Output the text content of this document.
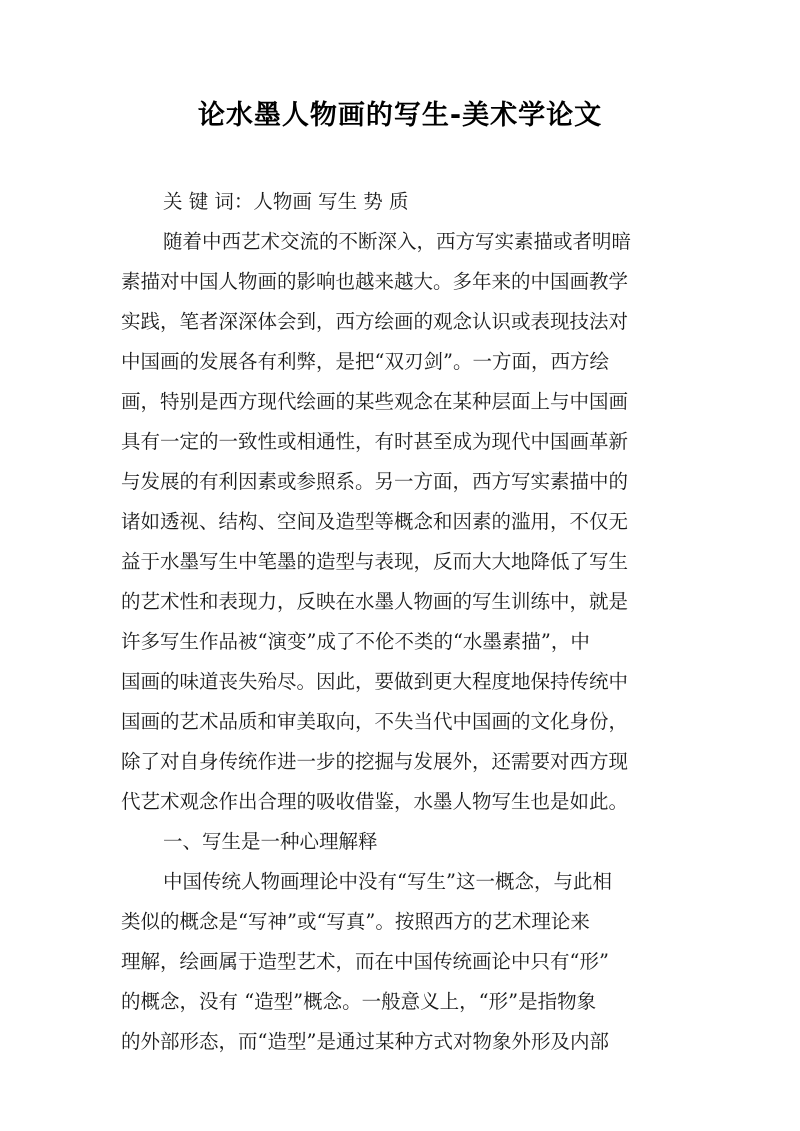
论水墨人物画的写生-美术学论文
关 键 词：人物画 写生 势 质
随着中西艺术交流的不断深入，西方写实素描或者明暗
素描对中国人物画的影响也越来越大。多年来的中国画教学
实践，笔者深深体会到，西方绘画的观念认识或表现技法对
中国画的发展各有利弊，是把“双刃剑”。一方面，西方绘
画，特别是西方现代绘画的某些观念在某种层面上与中国画
具有一定的一致性或相通性，有时甚至成为现代中国画革新
与发展的有利因素或参照系。另一方面，西方写实素描中的
诸如透视、结构、空间及造型等概念和因素的滥用，不仅无
益于水墨写生中笔墨的造型与表现，反而大大地降低了写生
的艺术性和表现力，反映在水墨人物画的写生训练中，就是
许多写生作品被“演变”成了不伦不类的“水墨素描”，中
国画的味道丧失殆尽。因此，要做到更大程度地保持传统中
国画的艺术品质和审美取向，不失当代中国画的文化身份，
除了对自身传统作进一步的挖掘与发展外，还需要对西方现
代艺术观念作出合理的吸收借鉴，水墨人物写生也是如此。
一、写生是一种心理解释
中国传统人物画理论中没有“写生”这一概念，与此相
类似的概念是“写神”或“写真”。按照西方的艺术理论来
理解，绘画属于造型艺术，而在中国传统画论中只有“形”
的概念，没有 “造型”概念。一般意义上，“形”是指物象
的外部形态，而“造型”是通过某种方式对物象外形及内部
